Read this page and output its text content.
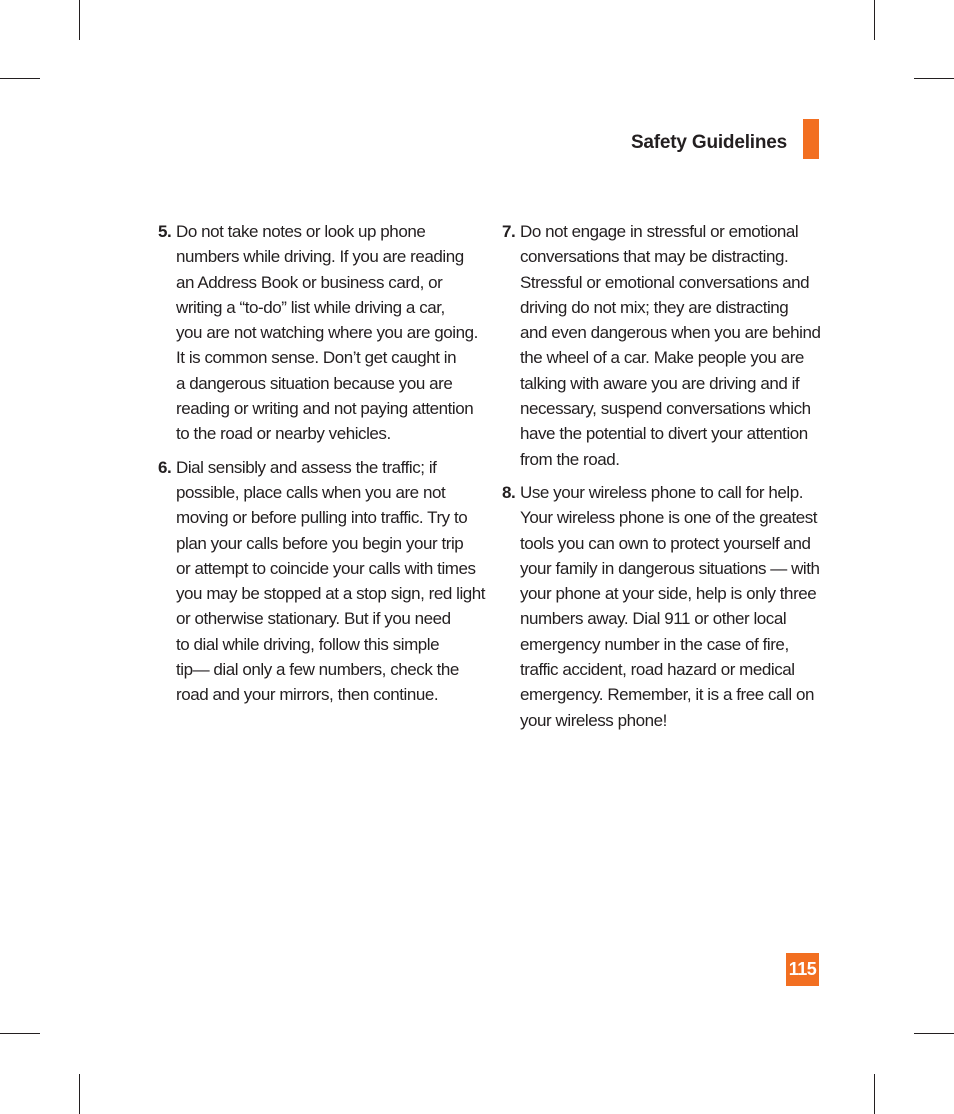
Safety Guidelines
5. Do not take notes or look up phone
numbers while driving. If you are reading
an Address Book or business card, or
writing a “to-do” list while driving a car,
you are not watching where you are going.
It is common sense. Don’t get caught in
a dangerous situation because you are
reading or writing and not paying attention
to the road or nearby vehicles.
6. Dial sensibly and assess the traffic; if
possible, place calls when you are not
moving or before pulling into traffic. Try to
plan your calls before you begin your trip
or attempt to coincide your calls with times
you may be stopped at a stop sign, red light
or otherwise stationary. But if you need
to dial while driving, follow this simple
tip— dial only a few numbers, check the
road and your mirrors, then continue.
7. Do not engage in stressful or emotional
conversations that may be distracting.
Stressful or emotional conversations and
driving do not mix; they are distracting
and even dangerous when you are behind
the wheel of a car. Make people you are
talking with aware you are driving and if
necessary, suspend conversations which
have the potential to divert your attention
from the road.
8. Use your wireless phone to call for help.
Your wireless phone is one of the greatest
tools you can own to protect yourself and
your family in dangerous situations — with
your phone at your side, help is only three
numbers away. Dial 911 or other local
emergency number in the case of fire,
traffic accident, road hazard or medical
emergency. Remember, it is a free call on
your wireless phone!
115
